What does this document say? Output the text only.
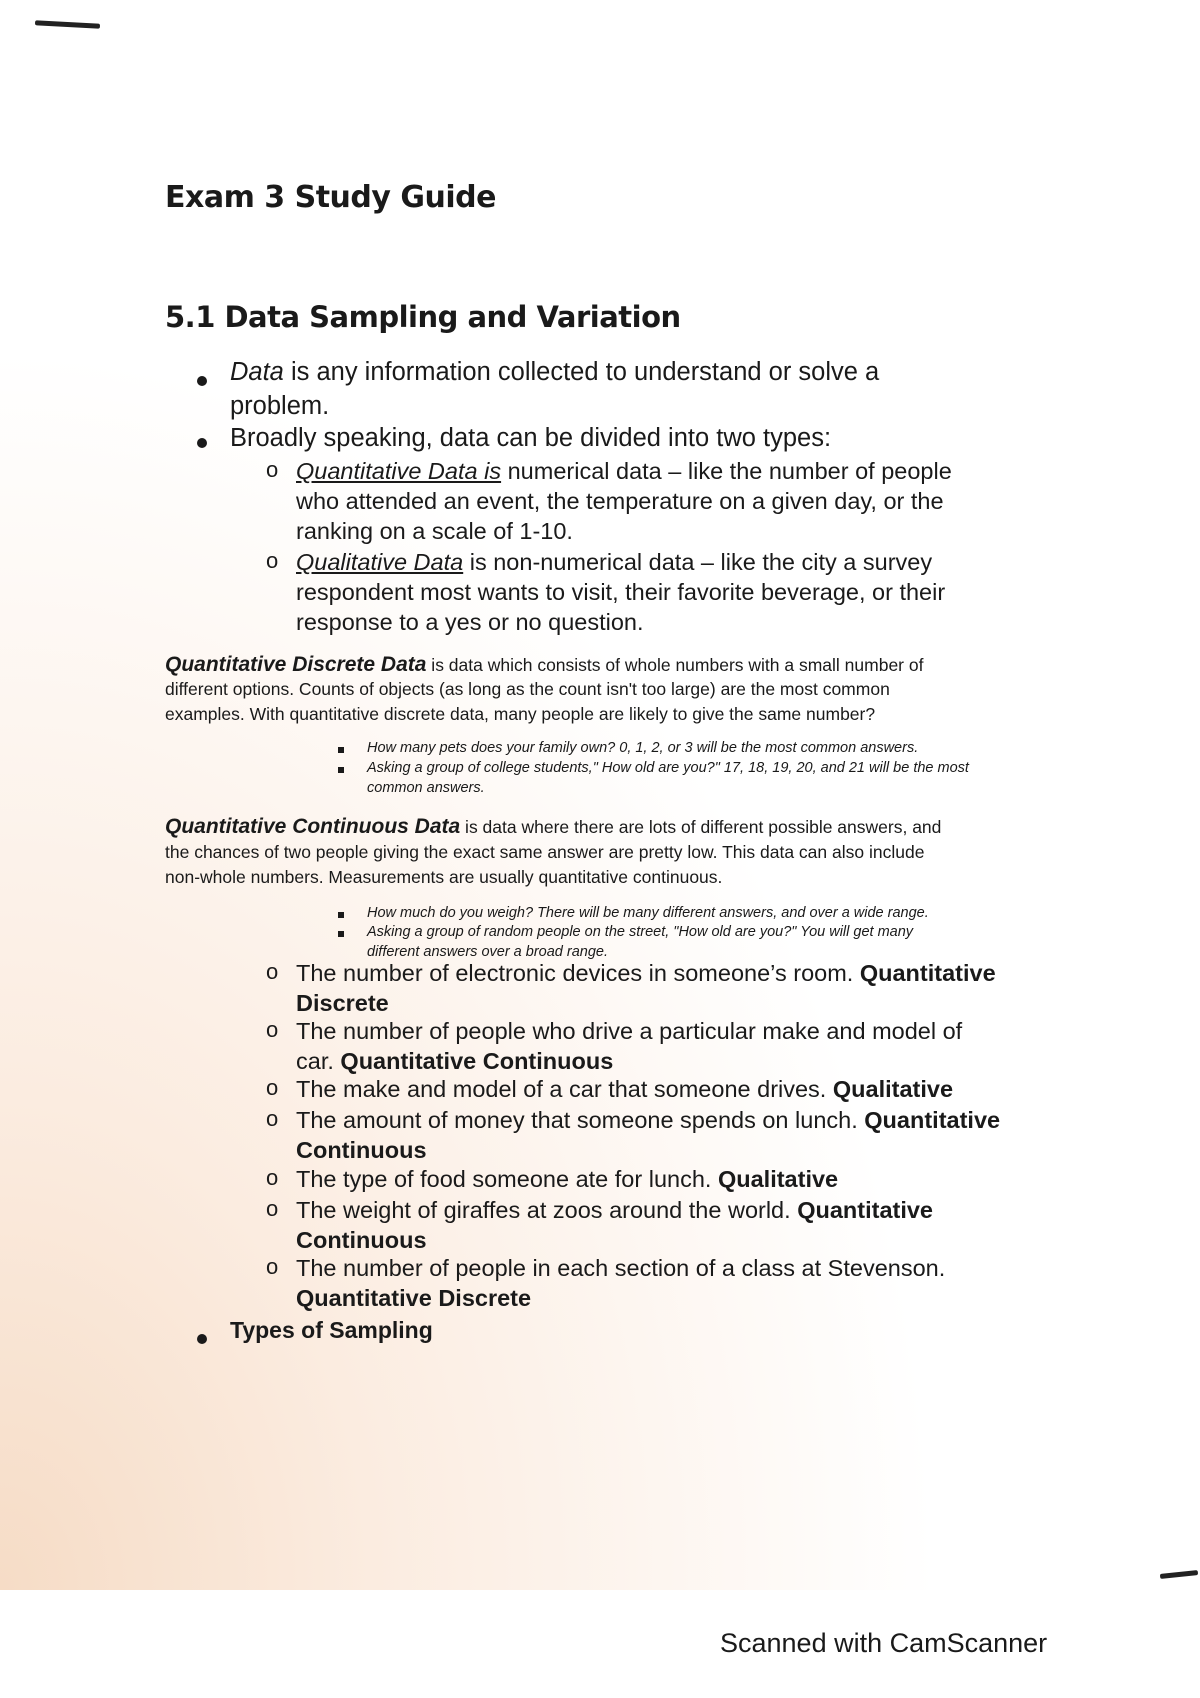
Exam 3 Study Guide
5.1 Data Sampling and Variation
Data is any information collected to understand or solve a
problem.
Broadly speaking, data can be divided into two types:
o Quantitative Data is numerical data – like the number of people
who attended an event, the temperature on a given day, or the
ranking on a scale of 1-10.
o Qualitative Data is non-numerical data – like the city a survey
respondent most wants to visit, their favorite beverage, or their
response to a yes or no question.
Quantitative Discrete Data is data which consists of whole numbers with a small number of
different options. Counts of objects (as long as the count isn't too large) are the most common
examples. With quantitative discrete data, many people are likely to give the same number?
How many pets does your family own? 0, 1, 2, or 3 will be the most common answers.
Asking a group of college students," How old are you?" 17, 18, 19, 20, and 21 will be the most
common answers.
Quantitative Continuous Data is data where there are lots of different possible answers, and
the chances of two people giving the exact same answer are pretty low. This data can also include
non-whole numbers. Measurements are usually quantitative continuous.
How much do you weigh? There will be many different answers, and over a wide range.
Asking a group of random people on the street, "How old are you?" You will get many
different answers over a broad range.
o The number of electronic devices in someone’s room. Quantitative
Discrete
o The number of people who drive a particular make and model of
car. Quantitative Continuous
o The make and model of a car that someone drives. Qualitative
o The amount of money that someone spends on lunch. Quantitative
Continuous
o The type of food someone ate for lunch. Qualitative
o The weight of giraffes at zoos around the world. Quantitative
Continuous
o The number of people in each section of a class at Stevenson.
Quantitative Discrete
Types of Sampling
Scanned with CamScanner
